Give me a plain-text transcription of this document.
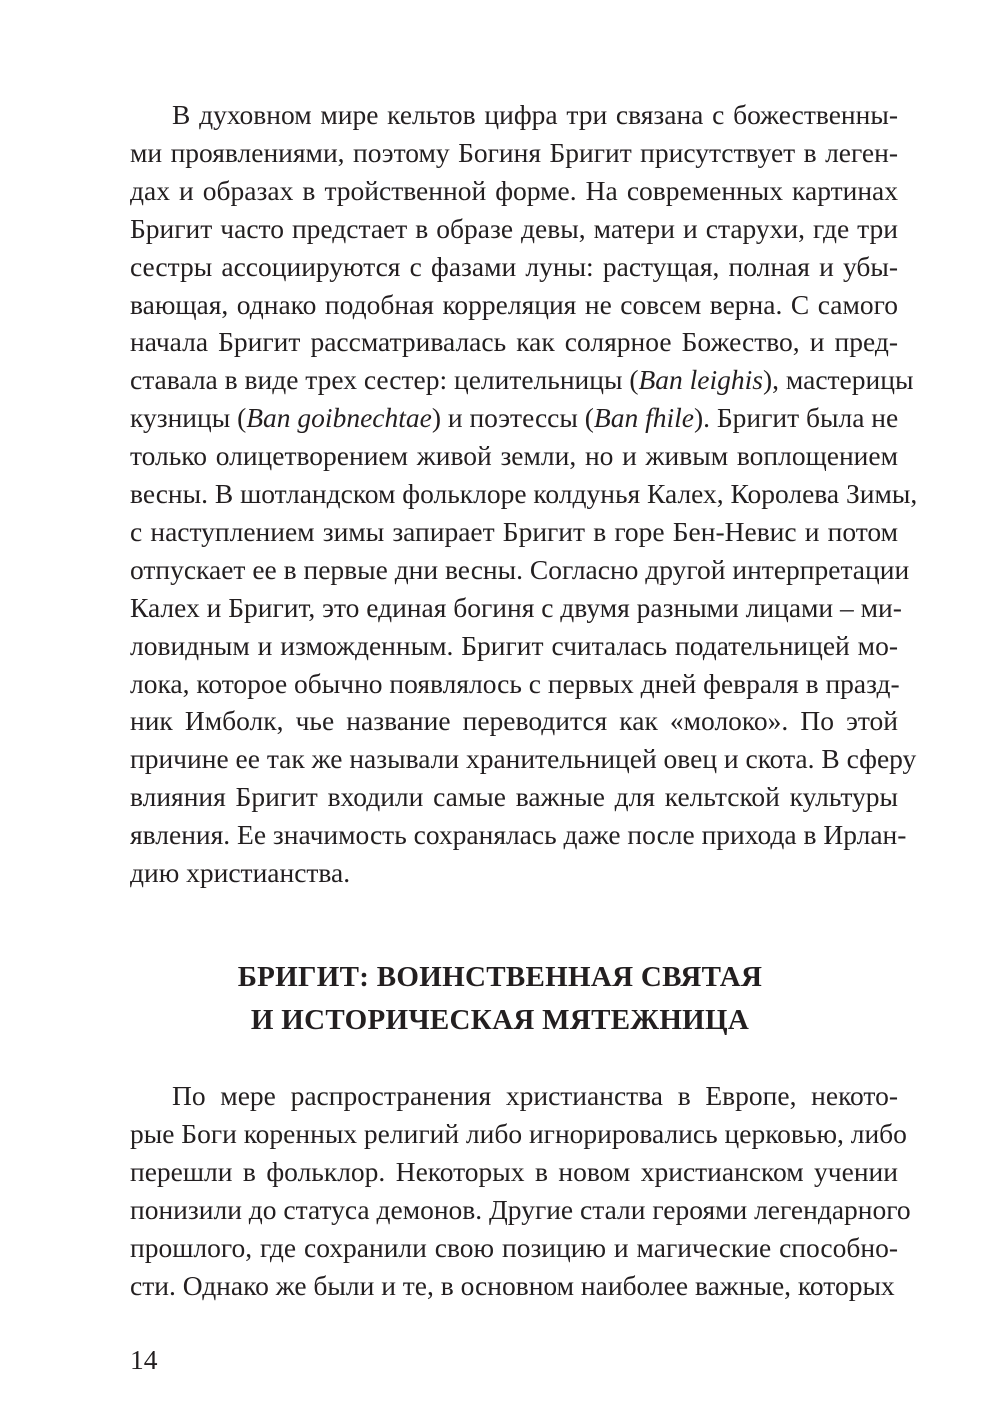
В духовном мире кельтов цифра три связана с божественны-
ми проявлениями, поэтому Богиня Бригит присутствует в леген-
дах и образах в тройственной форме. На современных картинах
Бригит часто предстает в образе девы, матери и старухи, где три
сестры ассоциируются с фазами луны: растущая, полная и убы-
вающая, однако подобная корреляция не совсем верна. С самого
начала Бригит рассматривалась как солярное Божество, и пред-
ставала в виде трех сестер: целительницы (Ban leighis), мастерицы
кузницы (Ban goibnechtae) и поэтессы (Ban fhile). Бригит была не
только олицетворением живой земли, но и живым воплощением
весны. В шотландском фольклоре колдунья Калех, Королева Зимы,
с наступлением зимы запирает Бригит в горе Бен-Невис и потом
отпускает ее в первые дни весны. Согласно другой интерпретации
Калех и Бригит, это единая богиня с двумя разными лицами – ми-
ловидным и изможденным. Бригит считалась подательницей мо-
лока, которое обычно появлялось с первых дней февраля в празд-
ник Имболк, чье название переводится как «молоко». По этой
причине ее так же называли хранительницей овец и скота. В сферу
влияния Бригит входили самые важные для кельтской культуры
явления. Ее значимость сохранялась даже после прихода в Ирлан-
дию христианства.
БРИГИТ: ВОИНСТВЕННАЯ СВЯТАЯ
И ИСТОРИЧЕСКАЯ МЯТЕЖНИЦА
По мере распространения христианства в Европе, некото-
рые Боги коренных религий либо игнорировались церковью, либо
перешли в фольклор. Некоторых в новом христианском учении
понизили до статуса демонов. Другие стали героями легендарного
прошлого, где сохранили свою позицию и магические способно-
сти. Однако же были и те, в основном наиболее важные, которых
14
